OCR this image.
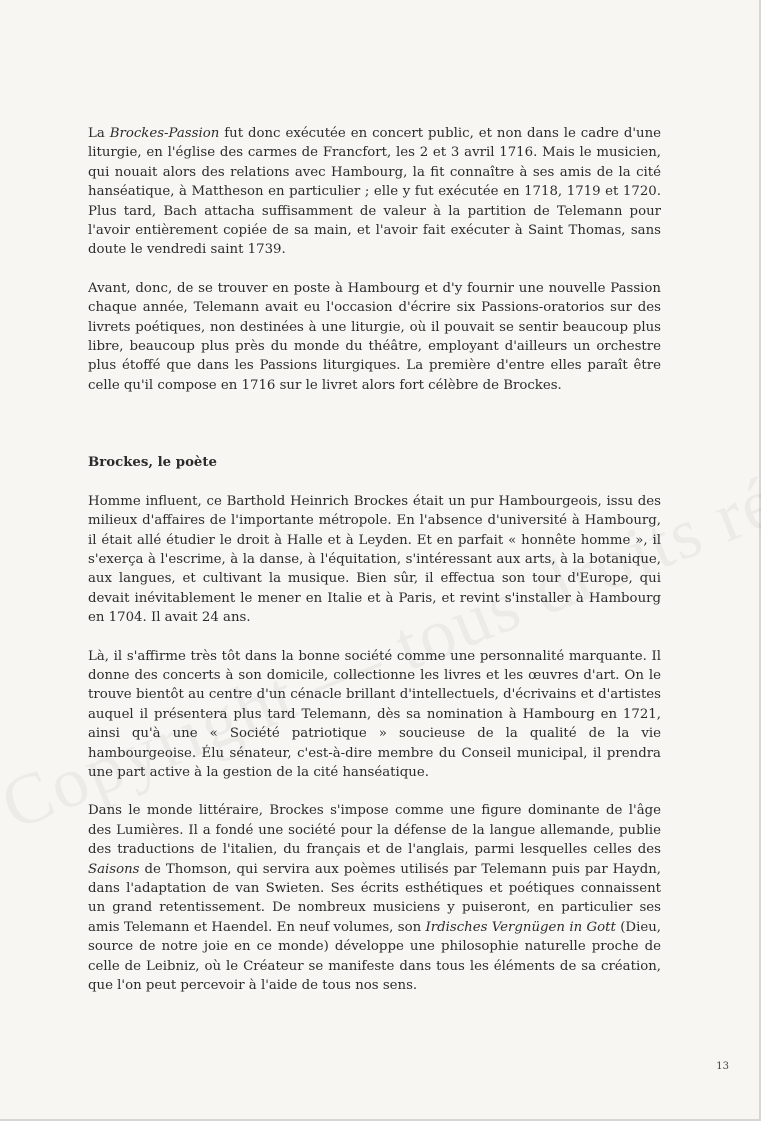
La Brockes-Passion fut donc exécutée en concert public, et non dans le cadre d'une liturgie, en l'église des carmes de Francfort, les 2 et 3 avril 1716. Mais le musicien, qui nouait alors des relations avec Hambourg, la fit connaître à ses amis de la cité hanséatique, à Mattheson en particulier ; elle y fut exécutée en 1718, 1719 et 1720. Plus tard, Bach attacha suffisamment de valeur à la partition de Telemann pour l'avoir entièrement copiée de sa main, et l'avoir fait exécuter à Saint Thomas, sans doute le vendredi saint 1739.

Avant, donc, de se trouver en poste à Hambourg et d'y fournir une nouvelle Passion chaque année, Telemann avait eu l'occasion d'écrire six Passions-oratorios sur des livrets poétiques, non destinées à une liturgie, où il pouvait se sentir beaucoup plus libre, beaucoup plus près du monde du théâtre, employant d'ailleurs un orchestre plus étoffé que dans les Passions liturgiques. La première d'entre elles paraît être celle qu'il compose en 1716 sur le livret alors fort célèbre de Brockes.

Brockes, le poète

Homme influent, ce Barthold Heinrich Brockes était un pur Hambourgeois, issu des milieux d'affaires de l'importante métropole. En l'absence d'université à Hambourg, il était allé étudier le droit à Halle et à Leyden. Et en parfait « honnête homme », il s'exerça à l'escrime, à la danse, à l'équitation, s'intéressant aux arts, à la botanique, aux langues, et cultivant la musique. Bien sûr, il effectua son tour d'Europe, qui devait inévitablement le mener en Italie et à Paris, et revint s'installer à Hambourg en 1704. Il avait 24 ans.

Là, il s'affirme très tôt dans la bonne société comme une personnalité marquante. Il donne des concerts à son domicile, collectionne les livres et les œuvres d'art. On le trouve bientôt au centre d'un cénacle brillant d'intellectuels, d'écrivains et d'artistes auquel il présentera plus tard Telemann, dès sa nomination à Hambourg en 1721, ainsi qu'à une « Société patriotique » soucieuse de la qualité de la vie hambourgeoise. Élu sénateur, c'est-à-dire membre du Conseil municipal, il prendra une part active à la gestion de la cité hanséatique.

Dans le monde littéraire, Brockes s'impose comme une figure dominante de l'âge des Lumières. Il a fondé une société pour la défense de la langue allemande, publie des traductions de l'italien, du français et de l'anglais, parmi lesquelles celles des Saisons de Thomson, qui servira aux poèmes utilisés par Telemann puis par Haydn, dans l'adaptation de van Swieten. Ses écrits esthétiques et poétiques connaissent un grand retentissement. De nombreux musiciens y puiseront, en particulier ses amis Telemann et Haendel. En neuf volumes, son Irdisches Vergnügen in Gott (Dieu, source de notre joie en ce monde) développe une philosophie naturelle proche de celle de Leibniz, où le Créateur se manifeste dans tous les éléments de sa création, que l'on peut percevoir à l'aide de tous nos sens.

13
